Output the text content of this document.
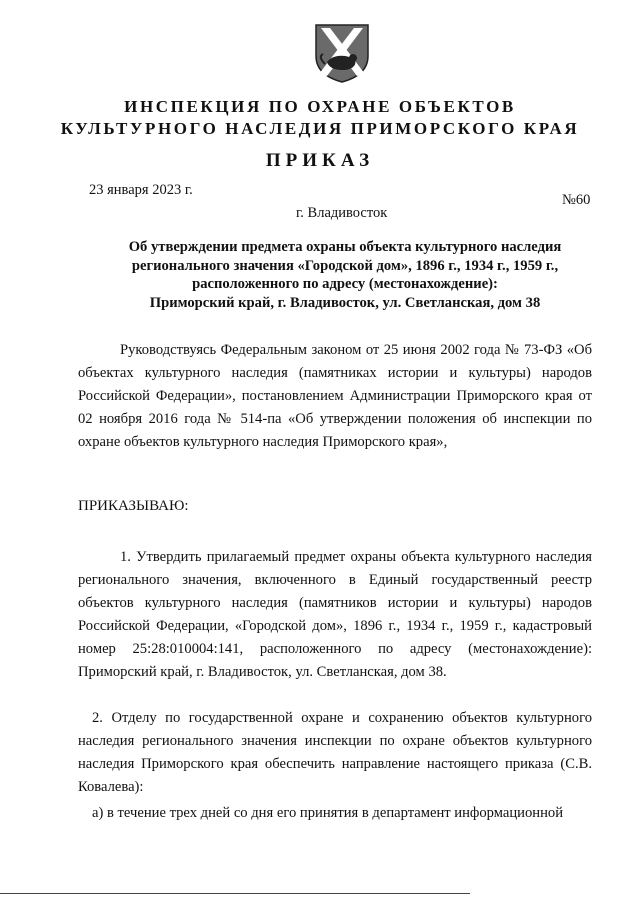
ИНСПЕКЦИЯ ПО ОХРАНЕ ОБЪЕКТОВ
КУЛЬТУРНОГО НАСЛЕДИЯ ПРИМОРСКОГО КРАЯ
ПРИКАЗ
23 января 2023 г.
№60
г. Владивосток
Об утверждении предмета охраны объекта культурного наследия
регионального значения «Городской дом», 1896 г., 1934 г., 1959 г.,
расположенного по адресу (местонахождение):
Приморский край, г. Владивосток, ул. Светланская, дом 38
Руководствуясь Федеральным законом от 25 июня 2002 года № 73-ФЗ «Об объектах культурного наследия (памятниках истории и культуры) народов Российской Федерации», постановлением Администрации Приморского края от 02 ноября 2016 года № 514-па «Об утверждении положения об инспекции по охране объектов культурного наследия Приморского края»,
ПРИКАЗЫВАЮ:
1. Утвердить прилагаемый предмет охраны объекта культурного наследия регионального значения, включенного в Единый государственный реестр объектов культурного наследия (памятников истории и культуры) народов Российской Федерации, «Городской дом», 1896 г., 1934 г., 1959 г., кадастровый номер 25:28:010004:141, расположенного по адресу (местонахождение): Приморский край, г. Владивосток, ул. Светланская, дом 38.
2. Отделу по государственной охране и сохранению объектов культурного наследия регионального значения инспекции по охране объектов культурного наследия Приморского края обеспечить направление настоящего приказа (С.В. Ковалева):
а) в течение трех дней со дня его принятия в департамент информационной
